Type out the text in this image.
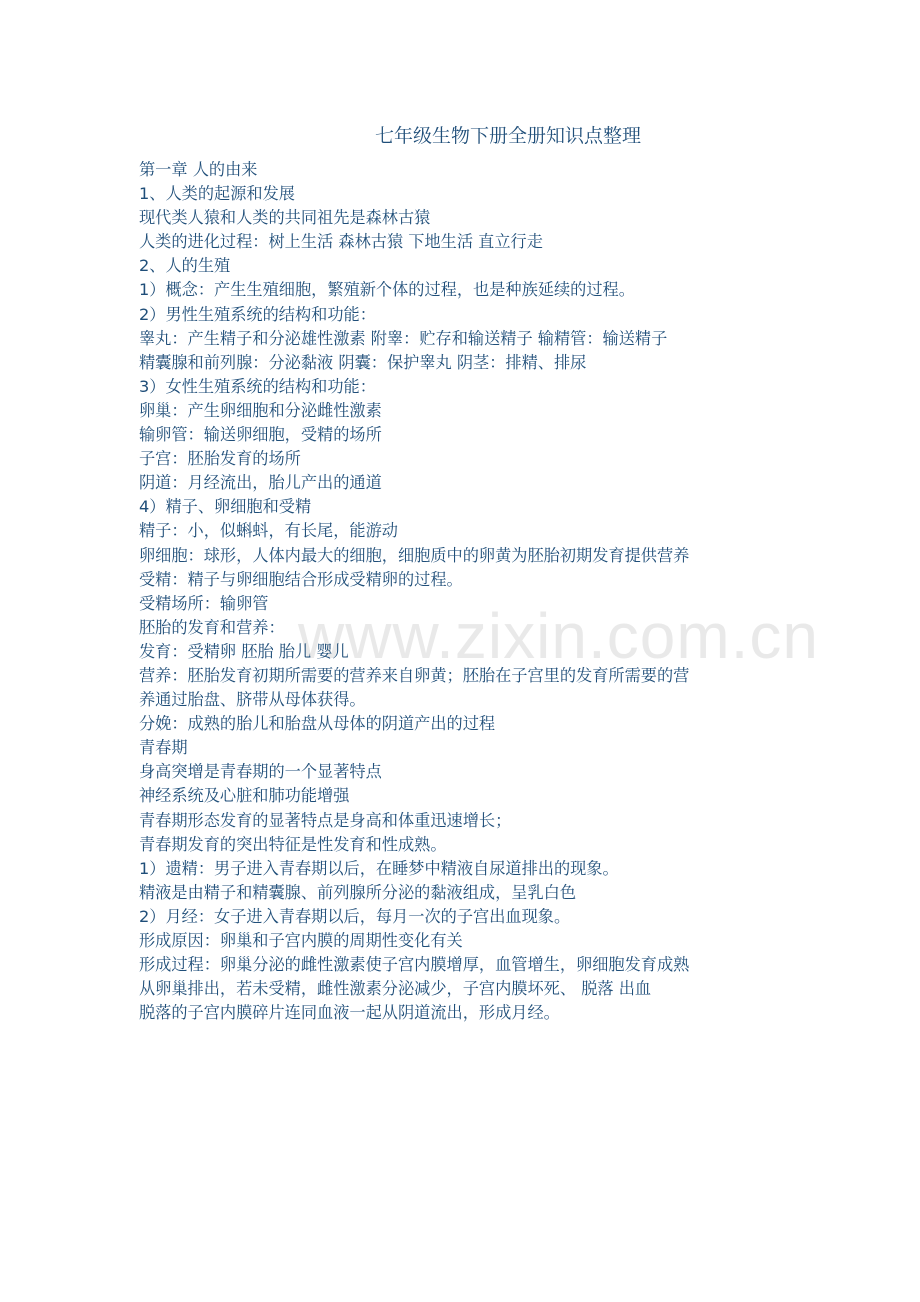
www.zixin.com.cn
七年级生物下册全册知识点整理
第一章 人的由来
1、人类的起源和发展
现代类人猿和人类的共同祖先是森林古猿
人类的进化过程：树上生活 森林古猿 下地生活 直立行走
2、人的生殖
1）概念：产生生殖细胞，繁殖新个体的过程，也是种族延续的过程。
2）男性生殖系统的结构和功能：
睾丸：产生精子和分泌雄性激素 附睾：贮存和输送精子 输精管：输送精子
精囊腺和前列腺：分泌黏液 阴囊：保护睾丸 阴茎：排精、排尿
3）女性生殖系统的结构和功能：
卵巢：产生卵细胞和分泌雌性激素
输卵管：输送卵细胞，受精的场所
子宫：胚胎发育的场所
阴道：月经流出，胎儿产出的通道
4）精子、卵细胞和受精
精子：小，似蝌蚪，有长尾，能游动
卵细胞：球形，人体内最大的细胞，细胞质中的卵黄为胚胎初期发育提供营养
受精：精子与卵细胞结合形成受精卵的过程。
受精场所：输卵管
胚胎的发育和营养：
发育：受精卵 胚胎 胎儿 婴儿
营养：胚胎发育初期所需要的营养来自卵黄；胚胎在子宫里的发育所需要的营
养通过胎盘、脐带从母体获得。
分娩：成熟的胎儿和胎盘从母体的阴道产出的过程
青春期
身高突增是青春期的一个显著特点
神经系统及心脏和肺功能增强
青春期形态发育的显著特点是身高和体重迅速增长；
青春期发育的突出特征是性发育和性成熟。
1）遗精：男子进入青春期以后，在睡梦中精液自尿道排出的现象。
精液是由精子和精囊腺、前列腺所分泌的黏液组成，呈乳白色
2）月经：女子进入青春期以后，每月一次的子宫出血现象。
形成原因：卵巢和子宫内膜的周期性变化有关
形成过程：卵巢分泌的雌性激素使子宫内膜增厚，血管增生，卵细胞发育成熟
从卵巢排出，若未受精，雌性激素分泌减少，子宫内膜坏死、 脱落 出血
脱落的子宫内膜碎片连同血液一起从阴道流出，形成月经。
